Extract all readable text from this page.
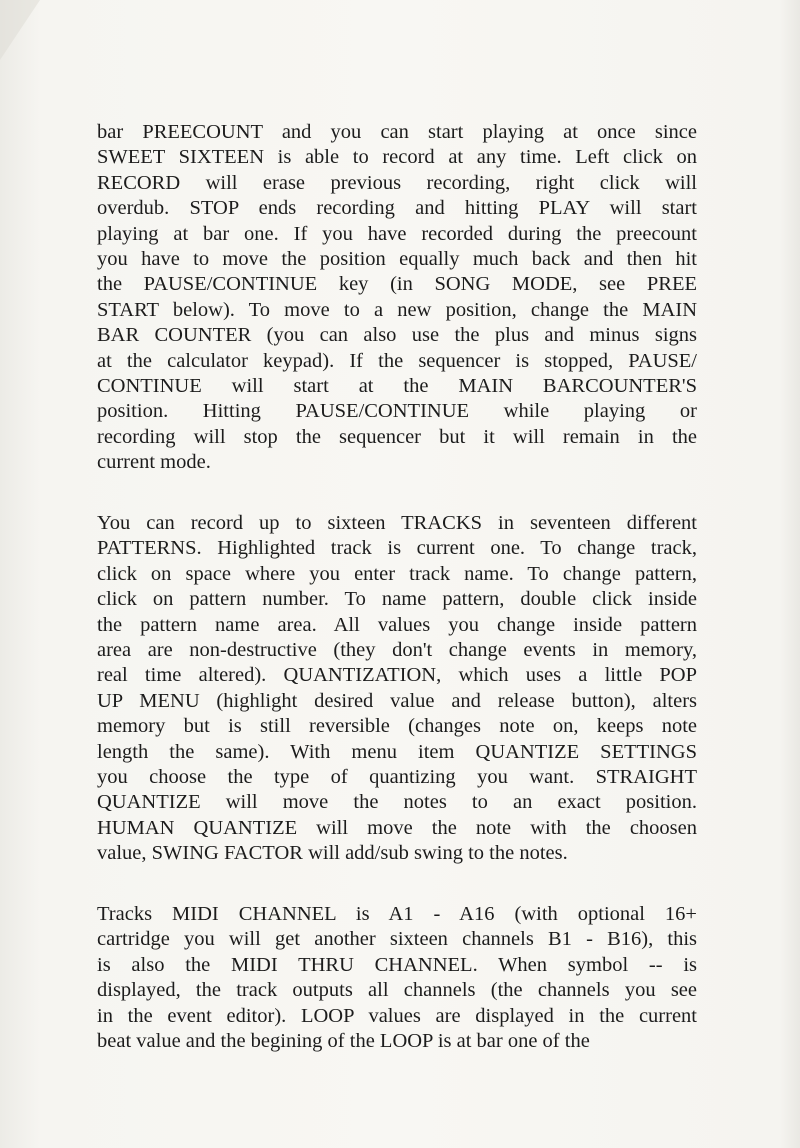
bar PREECOUNT and you can start playing at once since
SWEET SIXTEEN is able to record at any time. Left click on
RECORD will erase previous recording, right click will
overdub. STOP ends recording and hitting PLAY will start
playing at bar one. If you have recorded during the preecount
you have to move the position equally much back and then hit
the PAUSE/CONTINUE key (in SONG MODE, see PREE
START below). To move to a new position, change the MAIN
BAR COUNTER (you can also use the plus and minus signs
at the calculator keypad). If the sequencer is stopped, PAUSE/
CONTINUE will start at the MAIN BARCOUNTER'S
position. Hitting PAUSE/CONTINUE while playing or
recording will stop the sequencer but it will remain in the
current mode.
You can record up to sixteen TRACKS in seventeen different
PATTERNS. Highlighted track is current one. To change track,
click on space where you enter track name. To change pattern,
click on pattern number. To name pattern, double click inside
the pattern name area. All values you change inside pattern
area are non-destructive (they don't change events in memory,
real time altered). QUANTIZATION, which uses a little POP
UP MENU (highlight desired value and release button), alters
memory but is still reversible (changes note on, keeps note
length the same). With menu item QUANTIZE SETTINGS
you choose the type of quantizing you want. STRAIGHT
QUANTIZE will move the notes to an exact position.
HUMAN QUANTIZE will move the note with the choosen
value, SWING FACTOR will add/sub swing to the notes.
Tracks MIDI CHANNEL is A1 - A16 (with optional 16+
cartridge you will get another sixteen channels B1 - B16), this
is also the MIDI THRU CHANNEL. When symbol -- is
displayed, the track outputs all channels (the channels you see
in the event editor). LOOP values are displayed in the current
beat value and the begining of the LOOP is at bar one of the
